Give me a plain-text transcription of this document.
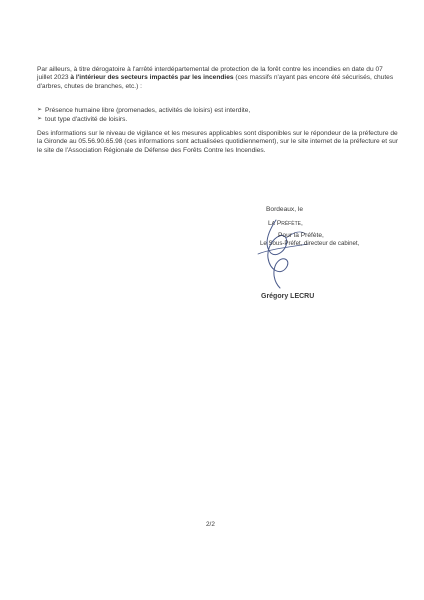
Par ailleurs, à titre dérogatoire à l'arrêté interdépartemental de protection de la forêt contre les incendies en date du 07 juillet 2023 à l'intérieur des secteurs impactés par les incendies (ces massifs n'ayant pas encore été sécurisés, chutes d'arbres, chutes de branches, etc.) :

➢ Présence humaine libre (promenades, activités de loisirs) est interdite,
➢ tout type d'activité de loisirs.

Des informations sur le niveau de vigilance et les mesures applicables sont disponibles sur le répondeur de la préfecture de la Gironde au 05.56.90.65.98 (ces informations sont actualisées quotidiennement), sur le site internet de la préfecture et sur le site de l'Association Régionale de Défense des Forêts Contre les Incendies.

Bordeaux, le
La Préfète,
Pour la Préfète,
Le Sous-Préfet, directeur de cabinet,
Grégory LECRU
2/2
